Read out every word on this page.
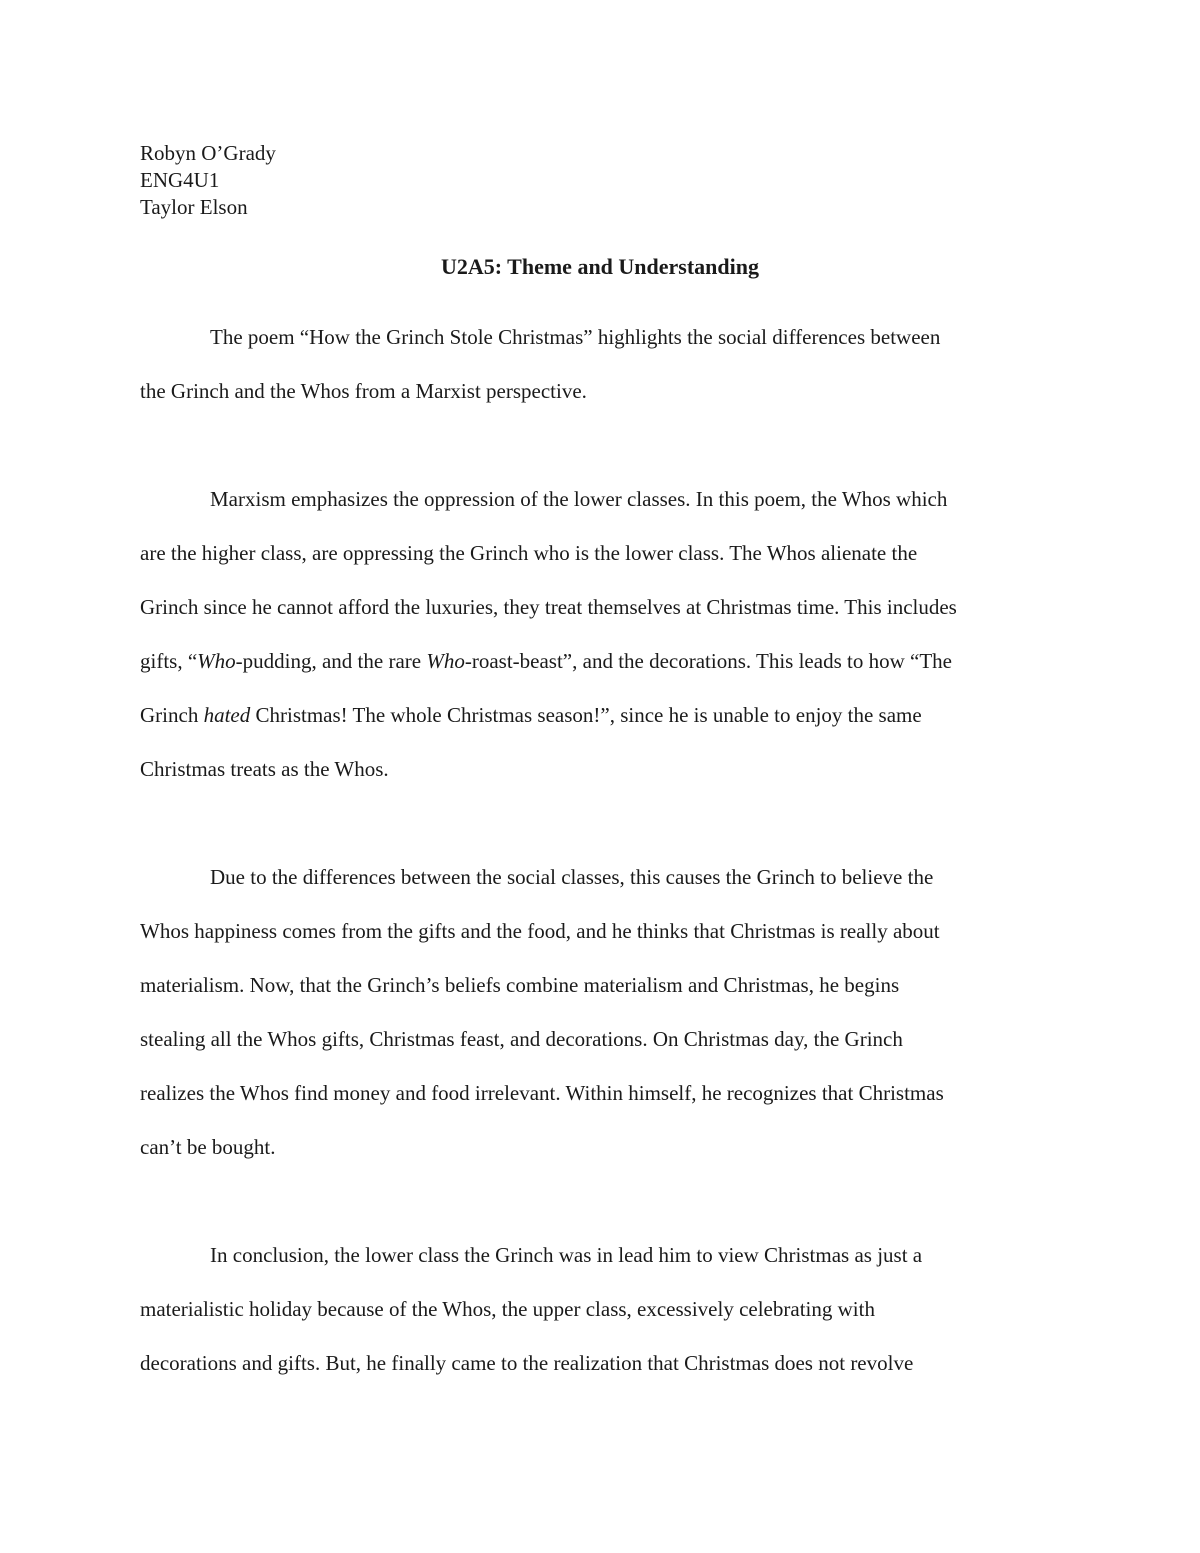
Robyn O’Grady
ENG4U1
Taylor Elson
U2A5: Theme and Understanding
The poem “How the Grinch Stole Christmas” highlights the social differences between
the Grinch and the Whos from a Marxist perspective.
Marxism emphasizes the oppression of the lower classes. In this poem, the Whos which
are the higher class, are oppressing the Grinch who is the lower class. The Whos alienate the
Grinch since he cannot afford the luxuries, they treat themselves at Christmas time. This includes
gifts, “Who-pudding, and the rare Who-roast-beast”, and the decorations. This leads to how “The
Grinch hated Christmas! The whole Christmas season!”, since he is unable to enjoy the same
Christmas treats as the Whos.
Due to the differences between the social classes, this causes the Grinch to believe the
Whos happiness comes from the gifts and the food, and he thinks that Christmas is really about
materialism. Now, that the Grinch’s beliefs combine materialism and Christmas, he begins
stealing all the Whos gifts, Christmas feast, and decorations. On Christmas day, the Grinch
realizes the Whos find money and food irrelevant. Within himself, he recognizes that Christmas
can’t be bought.
In conclusion, the lower class the Grinch was in lead him to view Christmas as just a
materialistic holiday because of the Whos, the upper class, excessively celebrating with
decorations and gifts. But, he finally came to the realization that Christmas does not revolve
